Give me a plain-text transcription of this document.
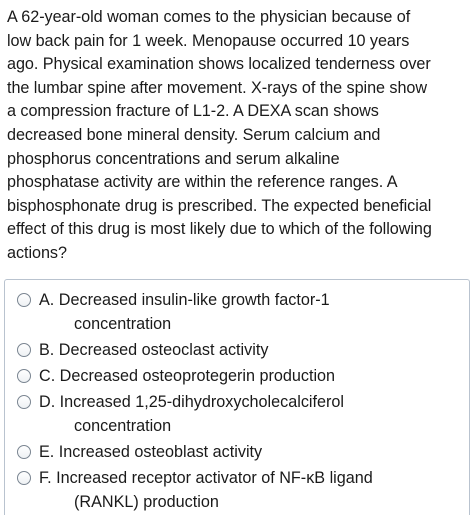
A 62-year-old woman comes to the physician because of
low back pain for 1 week. Menopause occurred 10 years
ago. Physical examination shows localized tenderness over
the lumbar spine after movement. X-rays of the spine show
a compression fracture of L1-2. A DEXA scan shows
decreased bone mineral density. Serum calcium and
phosphorus concentrations and serum alkaline
phosphatase activity are within the reference ranges. A
bisphosphonate drug is prescribed. The expected beneficial
effect of this drug is most likely due to which of the following
actions?
A. Decreased insulin-like growth factor-1
concentration
B. Decreased osteoclast activity
C. Decreased osteoprotegerin production
D. Increased 1,25-dihydroxycholecalciferol
concentration
E. Increased osteoblast activity
F. Increased receptor activator of NF-κB ligand
(RANKL) production
